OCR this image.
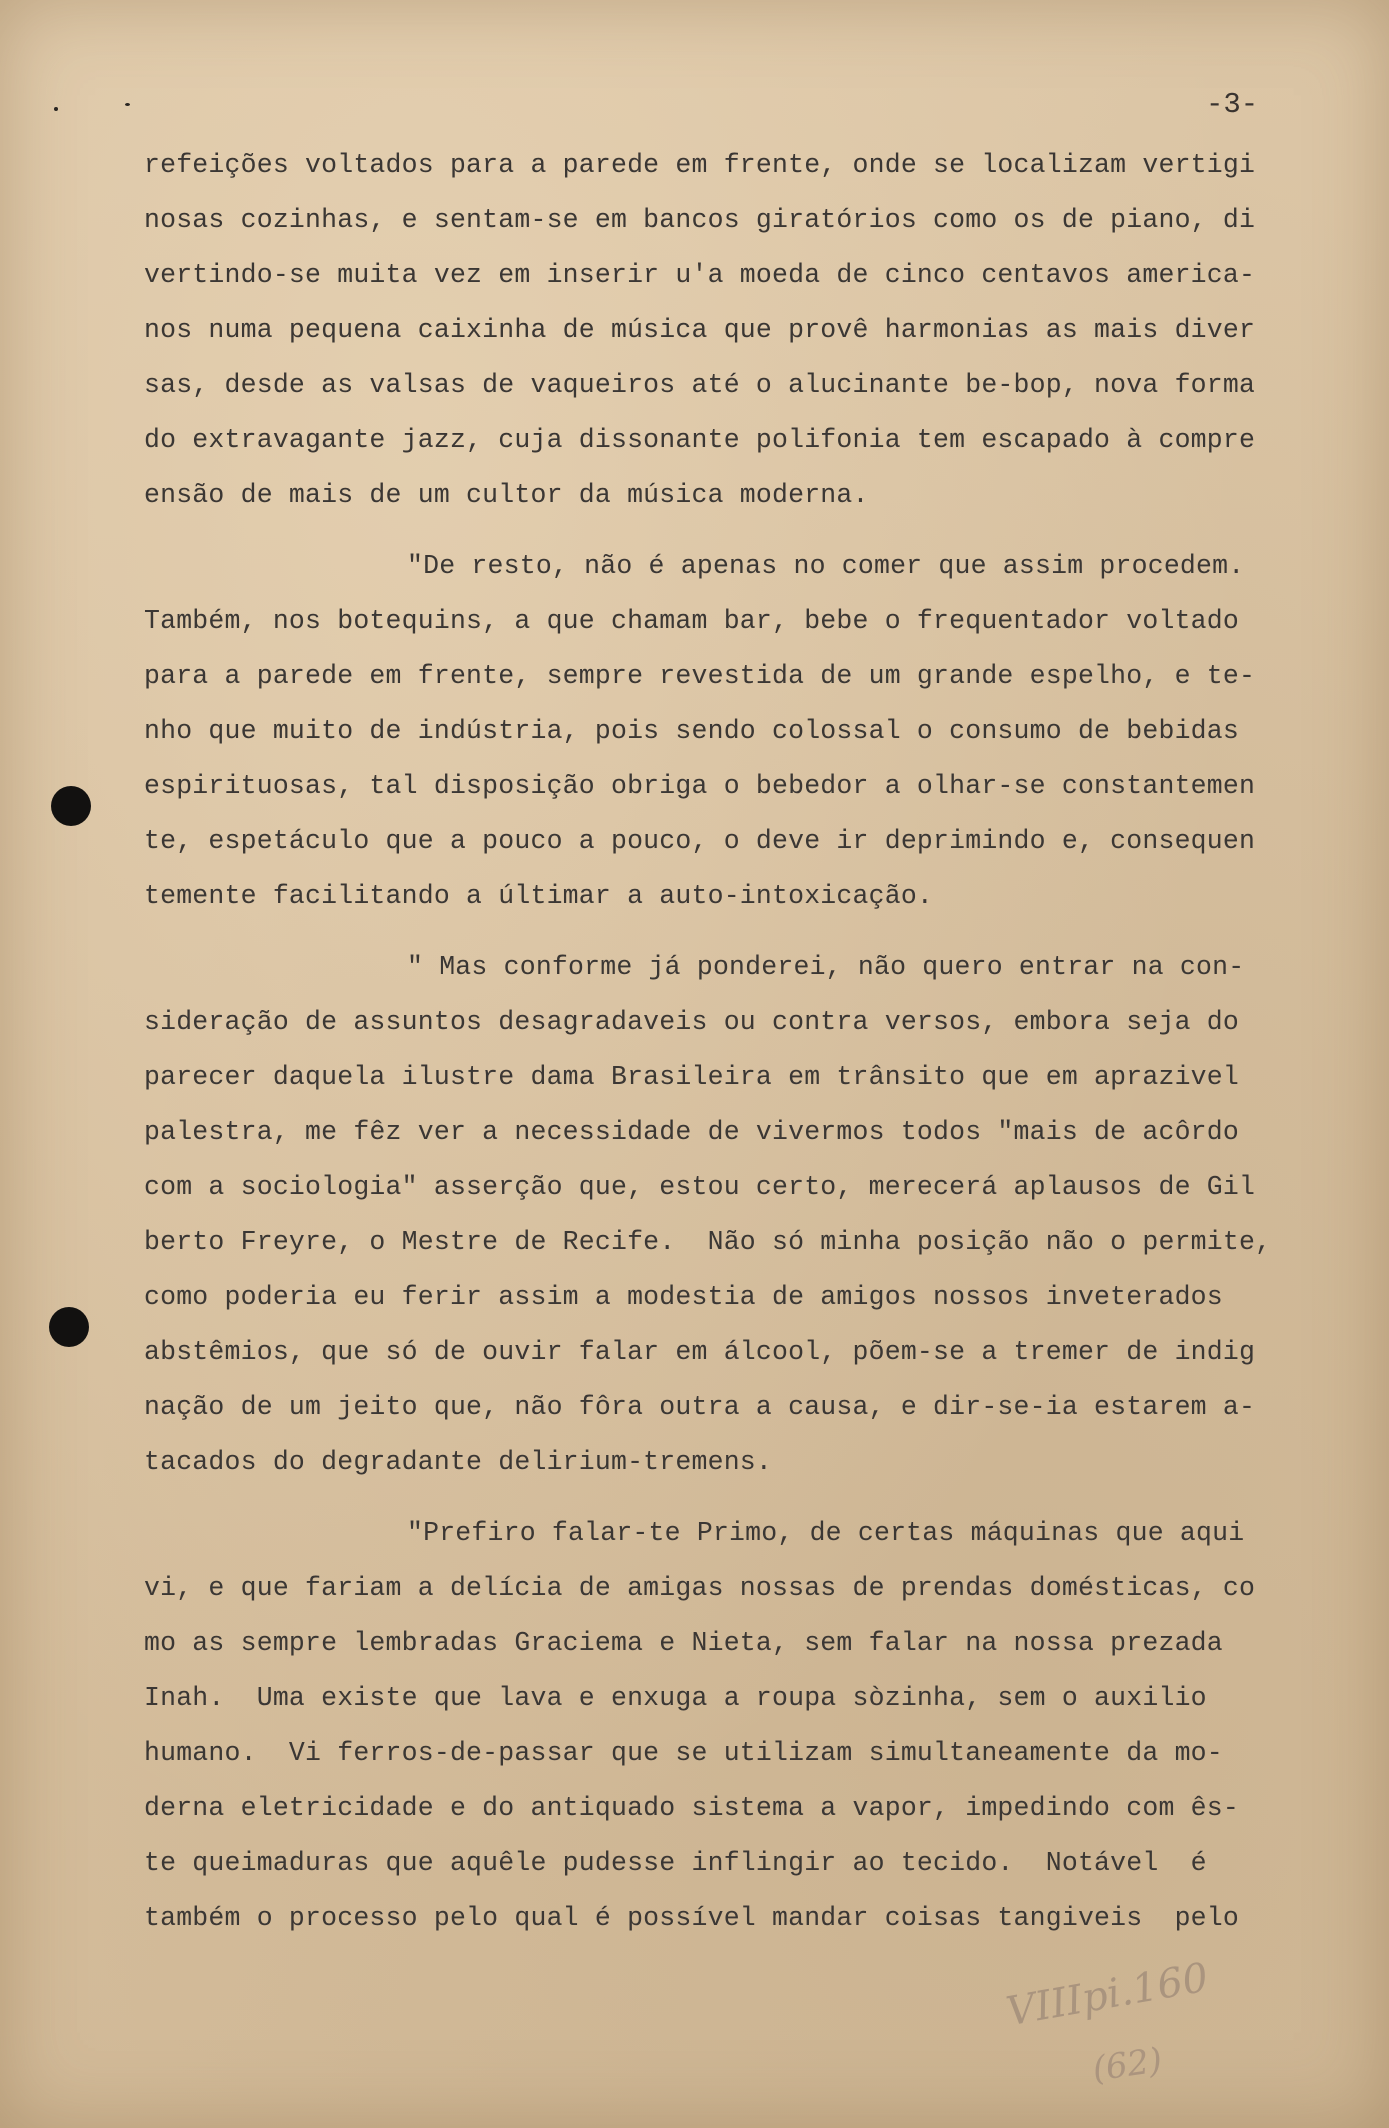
-3-

refeições voltados para a parede em frente, onde se localizam vertigi
nosas cozinhas, e sentam-se em bancos giratórios como os de piano, di
vertindo-se muita vez em inserir u'a moeda de cinco centavos america-
nos numa pequena caixinha de música que provê harmonias as mais diver
sas, desde as valsas de vaqueiros até o alucinante be-bop, nova forma
do extravagante jazz, cuja dissonante polifonia tem escapado à compre
ensão de mais de um cultor da música moderna.
"De resto, não é apenas no comer que assim procedem.
Também, nos botequins, a que chamam bar, bebe o frequentador voltado
para a parede em frente, sempre revestida de um grande espelho, e te-
nho que muito de indústria, pois sendo colossal o consumo de bebidas
espirituosas, tal disposição obriga o bebedor a olhar-se constantemen
te, espetáculo que a pouco a pouco, o deve ir deprimindo e, consequen
temente facilitando a últimar a auto-intoxicação.
" Mas conforme já ponderei, não quero entrar na con-
sideração de assuntos desagradaveis ou contra versos, embora seja do
parecer daquela ilustre dama Brasileira em trânsito que em aprazivel
palestra, me fêz ver a necessidade de vivermos todos "mais de acôrdo
com a sociologia" asserção que, estou certo, merecerá aplausos de Gil
berto Freyre, o Mestre de Recife.  Não só minha posição não o permite,
como poderia eu ferir assim a modestia de amigos nossos inveterados
abstêmios, que só de ouvir falar em álcool, põem-se a tremer de indig
nação de um jeito que, não fôra outra a causa, e dir-se-ia estarem a-
tacados do degradante delirium-tremens.
"Prefiro falar-te Primo, de certas máquinas que aqui
vi, e que fariam a delícia de amigas nossas de prendas domésticas, co
mo as sempre lembradas Graciema e Nieta, sem falar na nossa prezada
Inah.  Uma existe que lava e enxuga a roupa sòzinha, sem o auxilio
humano.  Vi ferros-de-passar que se utilizam simultaneamente da mo-
derna eletricidade e do antiquado sistema a vapor, impedindo com ês-
te queimaduras que aquêle pudesse inflingir ao tecido.  Notável  é
também o processo pelo qual é possível mandar coisas tangiveis  pelo

VIIIpi.160

(62)
